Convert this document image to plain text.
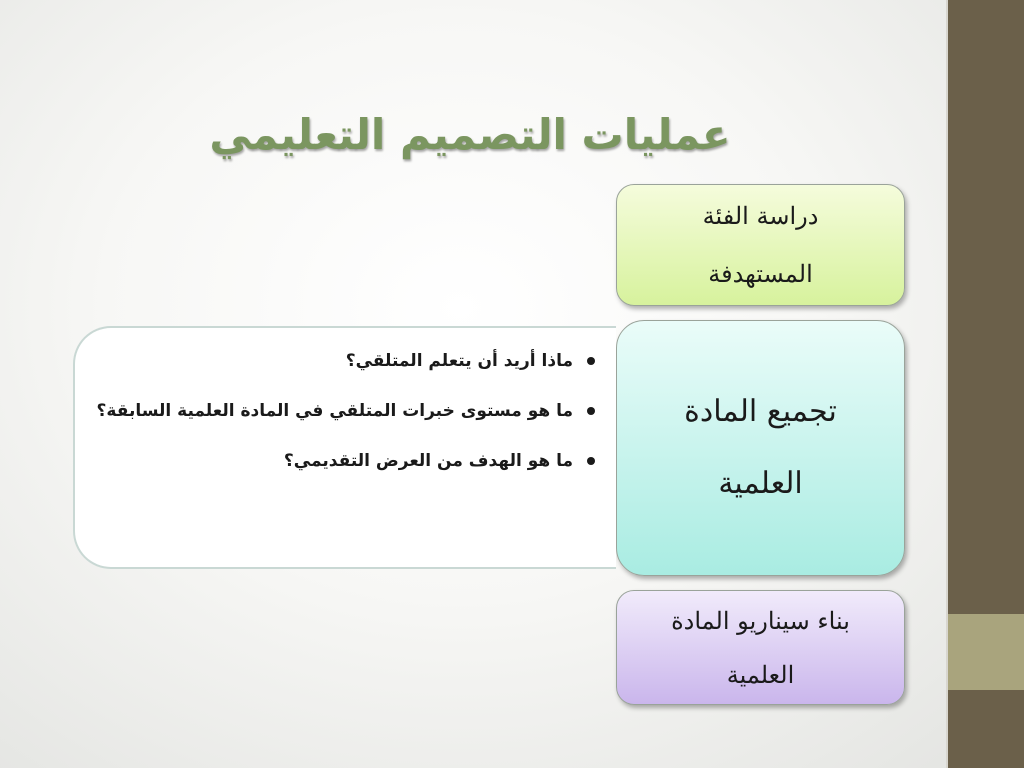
عمليات التصميم التعليمي
دراسة الفئة
المستهدفة
تجميع المادة
العلمية
بناء سيناريو المادة
العلمية
ماذا أريد أن يتعلم المتلقي؟
ما هو مستوى خبرات المتلقي في المادة العلمية السابقة؟
ما هو الهدف من العرض التقديمي؟
